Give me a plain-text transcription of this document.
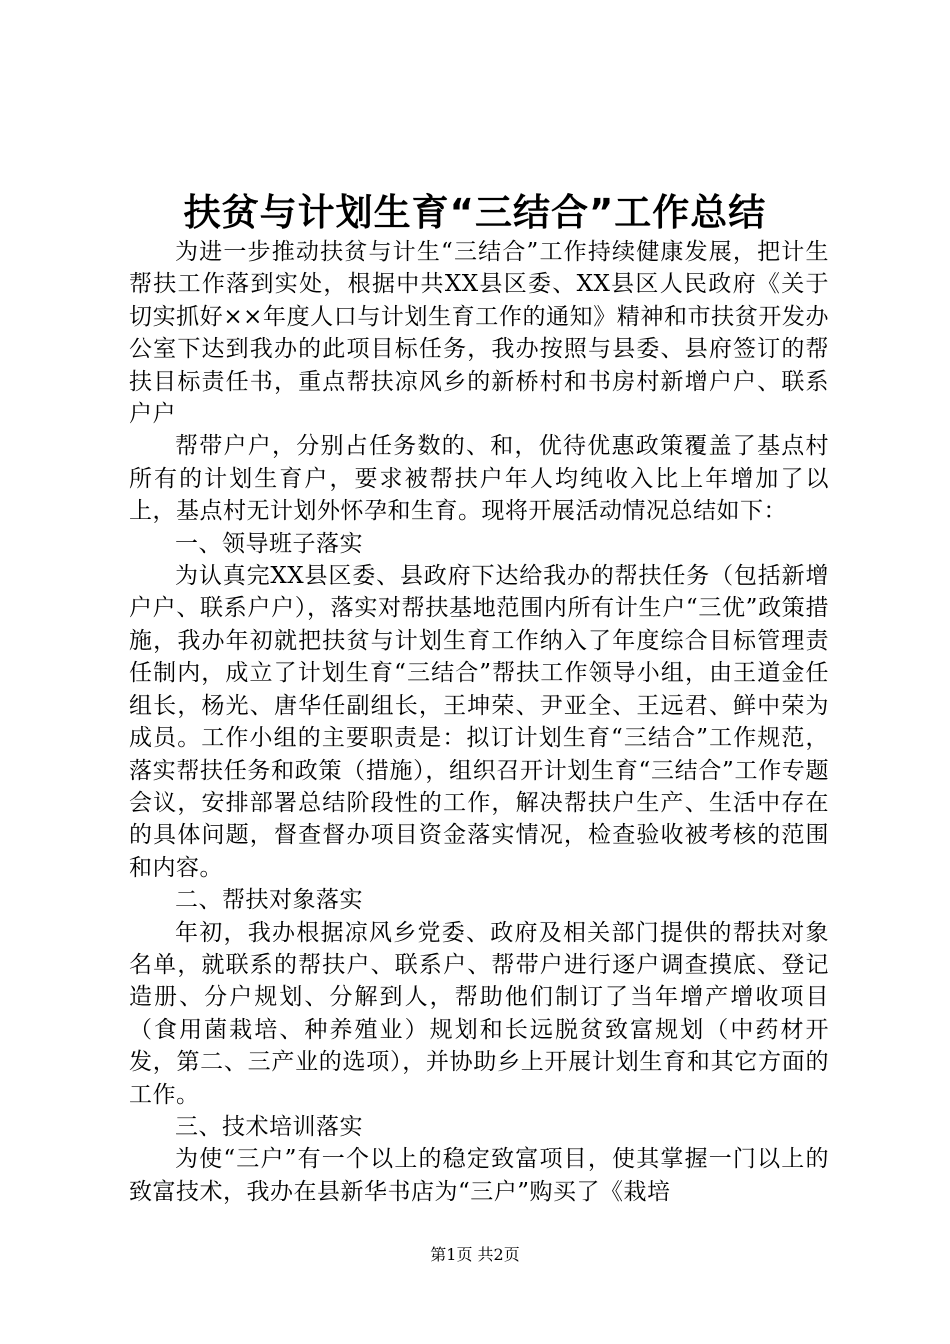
扶贫与计划生育“三结合”工作总结

为进一步推动扶贫与计生“三结合”工作持续健康发展，把计生帮扶工作落到实处，根据中共XX县区委、XX县区人民政府《关于切实抓好××年度人口与计划生育工作的通知》精神和市扶贫开发办公室下达到我办的此项目标任务，我办按照与县委、县府签订的帮扶目标责任书，重点帮扶凉风乡的新桥村和书房村新增户户、联系户户

帮带户户，分别占任务数的、和，优待优惠政策覆盖了基点村所有的计划生育户，要求被帮扶户年人均纯收入比上年增加了以上，基点村无计划外怀孕和生育。现将开展活动情况总结如下：

一、领导班子落实

为认真完XX县区委、县政府下达给我办的帮扶任务（包括新增户户、联系户户），落实对帮扶基地范围内所有计生户“三优”政策措施，我办年初就把扶贫与计划生育工作纳入了年度综合目标管理责任制内，成立了计划生育“三结合”帮扶工作领导小组，由王道金任组长，杨光、唐华任副组长，王坤荣、尹亚全、王远君、鲜中荣为成员。工作小组的主要职责是：拟订计划生育“三结合”工作规范，落实帮扶任务和政策（措施），组织召开计划生育“三结合”工作专题会议，安排部署总结阶段性的工作，解决帮扶户生产、生活中存在的具体问题，督查督办项目资金落实情况，检查验收被考核的范围和内容。

二、帮扶对象落实

年初，我办根据凉风乡党委、政府及相关部门提供的帮扶对象名单，就联系的帮扶户、联系户、帮带户进行逐户调查摸底、登记造册、分户规划、分解到人，帮助他们制订了当年增产增收项目（食用菌栽培、种养殖业）规划和长远脱贫致富规划（中药材开发，第二、三产业的选项），并协助乡上开展计划生育和其它方面的工作。

三、技术培训落实

为使“三户”有一个以上的稳定致富项目，使其掌握一门以上的致富技术，我办在县新华书店为“三户”购买了《栽培

第1页 共2页
